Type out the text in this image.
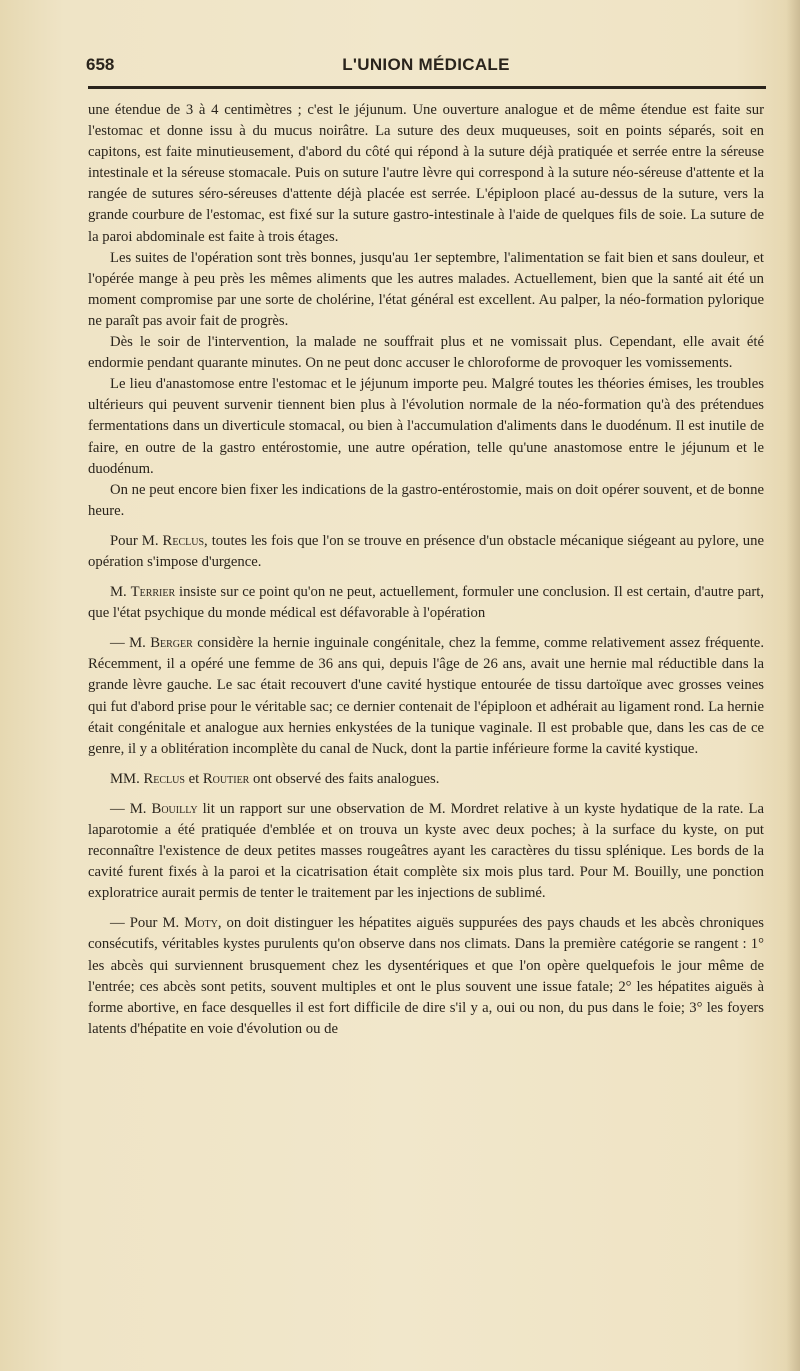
658	L'UNION MÉDICALE

une étendue de 3 à 4 centimètres ; c'est le jéjunum. Une ouverture analogue et de même étendue est faite sur l'estomac et donne issu à du mucus noirâtre. La suture des deux muqueuses, soit en points séparés, soit en capitons, est faite minutieusement, d'abord du côté qui répond à la suture déjà pratiquée et serrée entre la séreuse intestinale et la séreuse stomacale. Puis on suture l'autre lèvre qui correspond à la suture néo-séreuse d'attente et la rangée de sutures séro-séreuses d'attente déjà placée est serrée. L'épiploon placé au-dessus de la suture, vers la grande courbure de l'estomac, est fixé sur la suture gastro-intestinale à l'aide de quelques fils de soie. La suture de la paroi abdominale est faite à trois étages.

Les suites de l'opération sont très bonnes, jusqu'au 1er septembre, l'alimentation se fait bien et sans douleur, et l'opérée mange à peu près les mêmes aliments que les autres malades. Actuellement, bien que la santé ait été un moment compromise par une sorte de cholérine, l'état général est excellent. Au palper, la néo-formation pylorique ne paraît pas avoir fait de progrès.

Dès le soir de l'intervention, la malade ne souffrait plus et ne vomissait plus. Cependant, elle avait été endormie pendant quarante minutes. On ne peut donc accuser le chloroforme de provoquer les vomissements.

Le lieu d'anastomose entre l'estomac et le jéjunum importe peu. Malgré toutes les théories émises, les troubles ultérieurs qui peuvent survenir tiennent bien plus à l'évolution normale de la néo-formation qu'à des prétendues fermentations dans un diverticule stomacal, ou bien à l'accumulation d'aliments dans le duodénum. Il est inutile de faire, en outre de la gastro entérostomie, une autre opération, telle qu'une anastomose entre le jéjunum et le duodénum.

On ne peut encore bien fixer les indications de la gastro-entérostomie, mais on doit opérer souvent, et de bonne heure.

Pour M. Reclus, toutes les fois que l'on se trouve en présence d'un obstacle mécanique siégeant au pylore, une opération s'impose d'urgence.

M. Terrier insiste sur ce point qu'on ne peut, actuellement, formuler une conclusion. Il est certain, d'autre part, que l'état psychique du monde médical est défavorable à l'opération

— M. Berger considère la hernie inguinale congénitale, chez la femme, comme relativement assez fréquente. Récemment, il a opéré une femme de 36 ans qui, depuis l'âge de 26 ans, avait une hernie mal réductible dans la grande lèvre gauche. Le sac était recouvert d'une cavité hystique entourée de tissu dartoïque avec grosses veines qui fut d'abord prise pour le véritable sac; ce dernier contenait de l'épiploon et adhérait au ligament rond. La hernie était congénitale et analogue aux hernies enkystées de la tunique vaginale. Il est probable que, dans les cas de ce genre, il y a oblitération incomplète du canal de Nuck, dont la partie inférieure forme la cavité kystique.

MM. Reclus et Routier ont observé des faits analogues.

— M. Bouilly lit un rapport sur une observation de M. Mordret relative à un kyste hydatique de la rate. La laparotomie a été pratiquée d'emblée et on trouva un kyste avec deux poches; à la surface du kyste, on put reconnaître l'existence de deux petites masses rougeâtres ayant les caractères du tissu splénique. Les bords de la cavité furent fixés à la paroi et la cicatrisation était complète six mois plus tard. Pour M. Bouilly, une ponction exploratrice aurait permis de tenter le traitement par les injections de sublimé.

— Pour M. Moty, on doit distinguer les hépatites aiguës suppurées des pays chauds et les abcès chroniques consécutifs, véritables kystes purulents qu'on observe dans nos climats. Dans la première catégorie se rangent : 1° les abcès qui surviennent brusquement chez les dysentériques et que l'on opère quelquefois le jour même de l'entrée; ces abcès sont petits, souvent multiples et ont le plus souvent une issue fatale; 2° les hépatites aiguës à forme abortive, en face desquelles il est fort difficile de dire s'il y a, oui ou non, du pus dans le foie; 3° les foyers latents d'hépatite en voie d'évolution ou de
